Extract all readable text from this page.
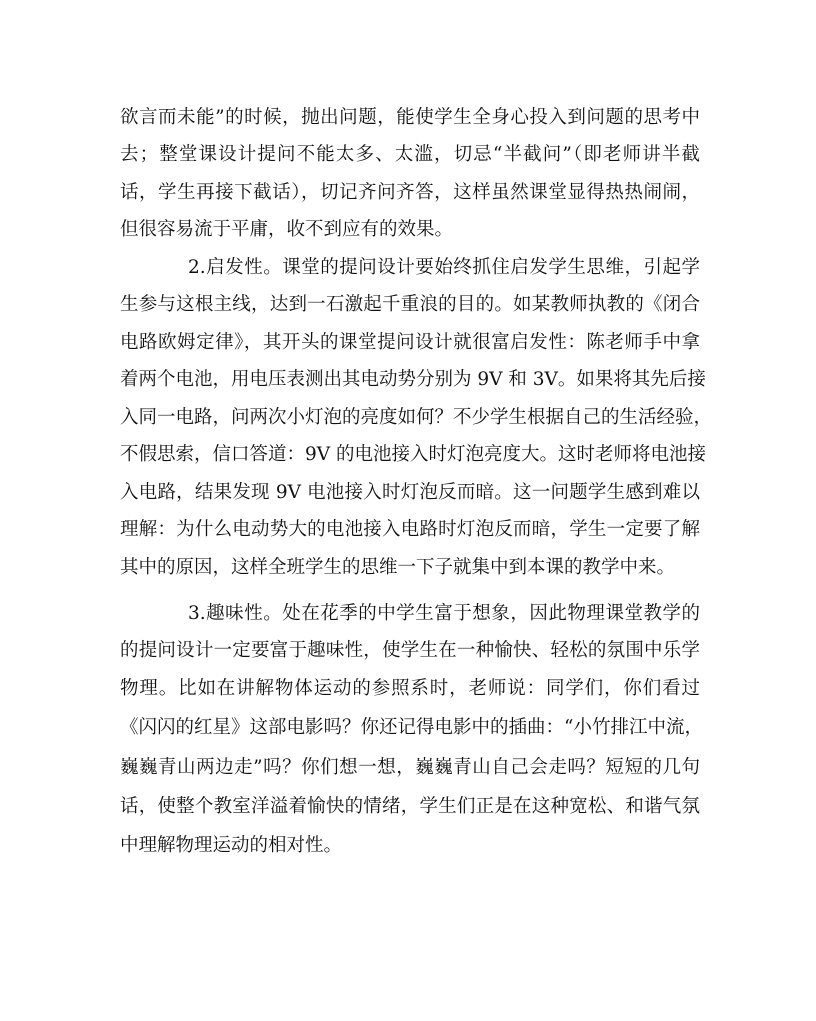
欲言而未能”的时候，抛出问题，能使学生全身心投入到问题的思考中
去；整堂课设计提问不能太多、太滥，切忌“半截问”（即老师讲半截
话，学生再接下截话），切记齐问齐答，这样虽然课堂显得热热闹闹，
但很容易流于平庸，收不到应有的效果。
2.启发性。课堂的提问设计要始终抓住启发学生思维，引起学
生参与这根主线，达到一石激起千重浪的目的。如某教师执教的《闭合
电路欧姆定律》，其开头的课堂提问设计就很富启发性：陈老师手中拿
着两个电池，用电压表测出其电动势分别为 9V 和 3V。如果将其先后接
入同一电路，问两次小灯泡的亮度如何？不少学生根据自己的生活经验，
不假思索，信口答道：9V 的电池接入时灯泡亮度大。这时老师将电池接
入电路，结果发现 9V 电池接入时灯泡反而暗。这一问题学生感到难以
理解：为什么电动势大的电池接入电路时灯泡反而暗，学生一定要了解
其中的原因，这样全班学生的思维一下子就集中到本课的教学中来。
3.趣味性。处在花季的中学生富于想象，因此物理课堂教学的
的提问设计一定要富于趣味性，使学生在一种愉快、轻松的氛围中乐学
物理。比如在讲解物体运动的参照系时，老师说：同学们，你们看过
《闪闪的红星》这部电影吗？你还记得电影中的插曲：“小竹排江中流，
巍巍青山两边走”吗？你们想一想，巍巍青山自己会走吗？短短的几句
话，使整个教室洋溢着愉快的情绪，学生们正是在这种宽松、和谐气氛
中理解物理运动的相对性。
